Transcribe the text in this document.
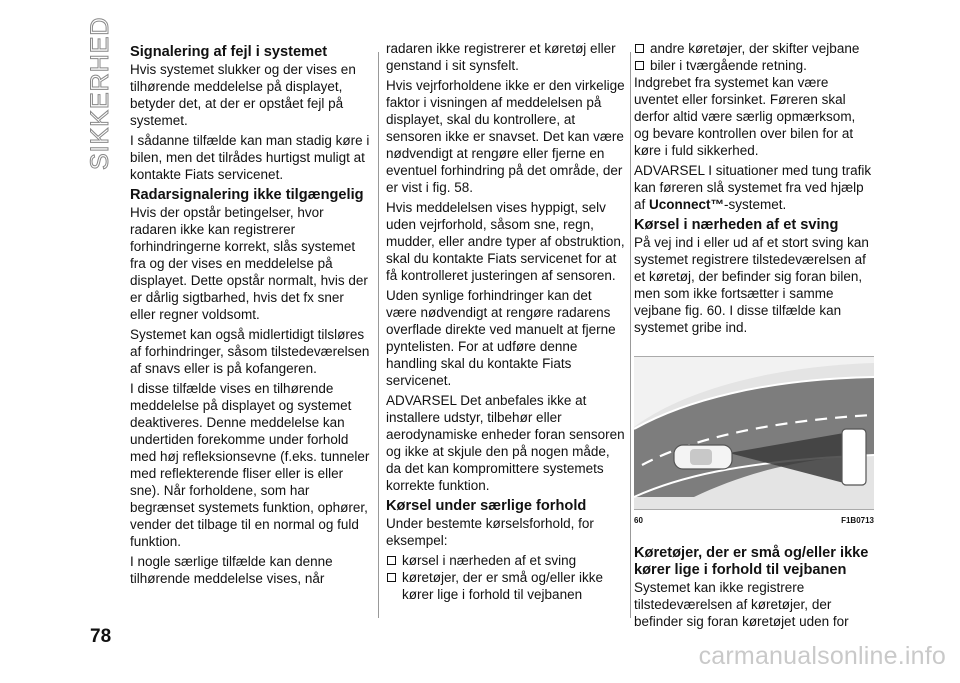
SIKKERHED	Signalering af fejl i systemet

Hvis systemet slukker og der vises en tilhørende meddelelse på displayet, betyder det, at der er opstået fejl på systemet.

I sådanne tilfælde kan man stadig køre i bilen, men det tilrådes hurtigst muligt at kontakte Fiats servicenet.

Radarsignalering ikke tilgængelig

Hvis der opstår betingelser, hvor radaren ikke kan registrerer forhindringerne korrekt, slås systemet fra og der vises en meddelelse på displayet. Dette opstår normalt, hvis der er dårlig sigtbarhed, hvis det fx sner eller regner voldsomt.

Systemet kan også midlertidigt tilsløres af forhindringer, såsom tilstedeværelsen af snavs eller is på kofangeren.

I disse tilfælde vises en tilhørende meddelelse på displayet og systemet deaktiveres. Denne meddelelse kan undertiden forekomme under forhold med høj refleksionsevne (f.eks. tunneler med reflekterende fliser eller is eller sne). Når forholdene, som har begrænset systemets funktion, ophører, vender det tilbage til en normal og fuld funktion.

I nogle særlige tilfælde kan denne tilhørende meddelelse vises, når

radaren ikke registrerer et køretøj eller genstand i sit synsfelt.

Hvis vejrforholdene ikke er den virkelige faktor i visningen af meddelelsen på displayet, skal du kontrollere, at sensoren ikke er snavset. Det kan være nødvendigt at rengøre eller fjerne en eventuel forhindring på det område, der er vist i fig. 58.

Hvis meddelelsen vises hyppigt, selv uden vejrforhold, såsom sne, regn, mudder, eller andre typer af obstruktion, skal du kontakte Fiats servicenet for at få kontrolleret justeringen af sensoren.

Uden synlige forhindringer kan det være nødvendigt at rengøre radarens overflade direkte ved manuelt at fjerne pyntelisten. For at udføre denne handling skal du kontakte Fiats servicenet.

ADVARSEL Det anbefales ikke at installere udstyr, tilbehør eller aerodynamiske enheder foran sensoren og ikke at skjule den på nogen måde, da det kan kompromittere systemets korrekte funktion.

Kørsel under særlige forhold

Under bestemte kørselsforhold, for eksempel:

kørsel i nærheden af et sving
køretøjer, der er små og/eller ikke kører lige i forhold til vejbanen
andre køretøjer, der skifter vejbane
biler i tværgående retning.

Indgrebet fra systemet kan være uventet eller forsinket. Føreren skal derfor altid være særlig opmærksom, og bevare kontrollen over bilen for at køre i fuld sikkerhed.

ADVARSEL I situationer med tung trafik kan føreren slå systemet fra ved hjælp af Uconnect™-systemet.

Kørsel i nærheden af et sving

På vej ind i eller ud af et stort sving kan systemet registrere tilstedeværelsen af et køretøj, der befinder sig foran bilen, men som ikke fortsætter i samme vejbane fig. 60. I disse tilfælde kan systemet gribe ind.

60	F1B0713
Køretøjer, der er små og/eller ikke kører lige i forhold til vejbanen

Systemet kan ikke registrere tilstedeværelsen af køretøjer, der befinder sig foran køretøjet uden for

78
carmanualsonline.info
